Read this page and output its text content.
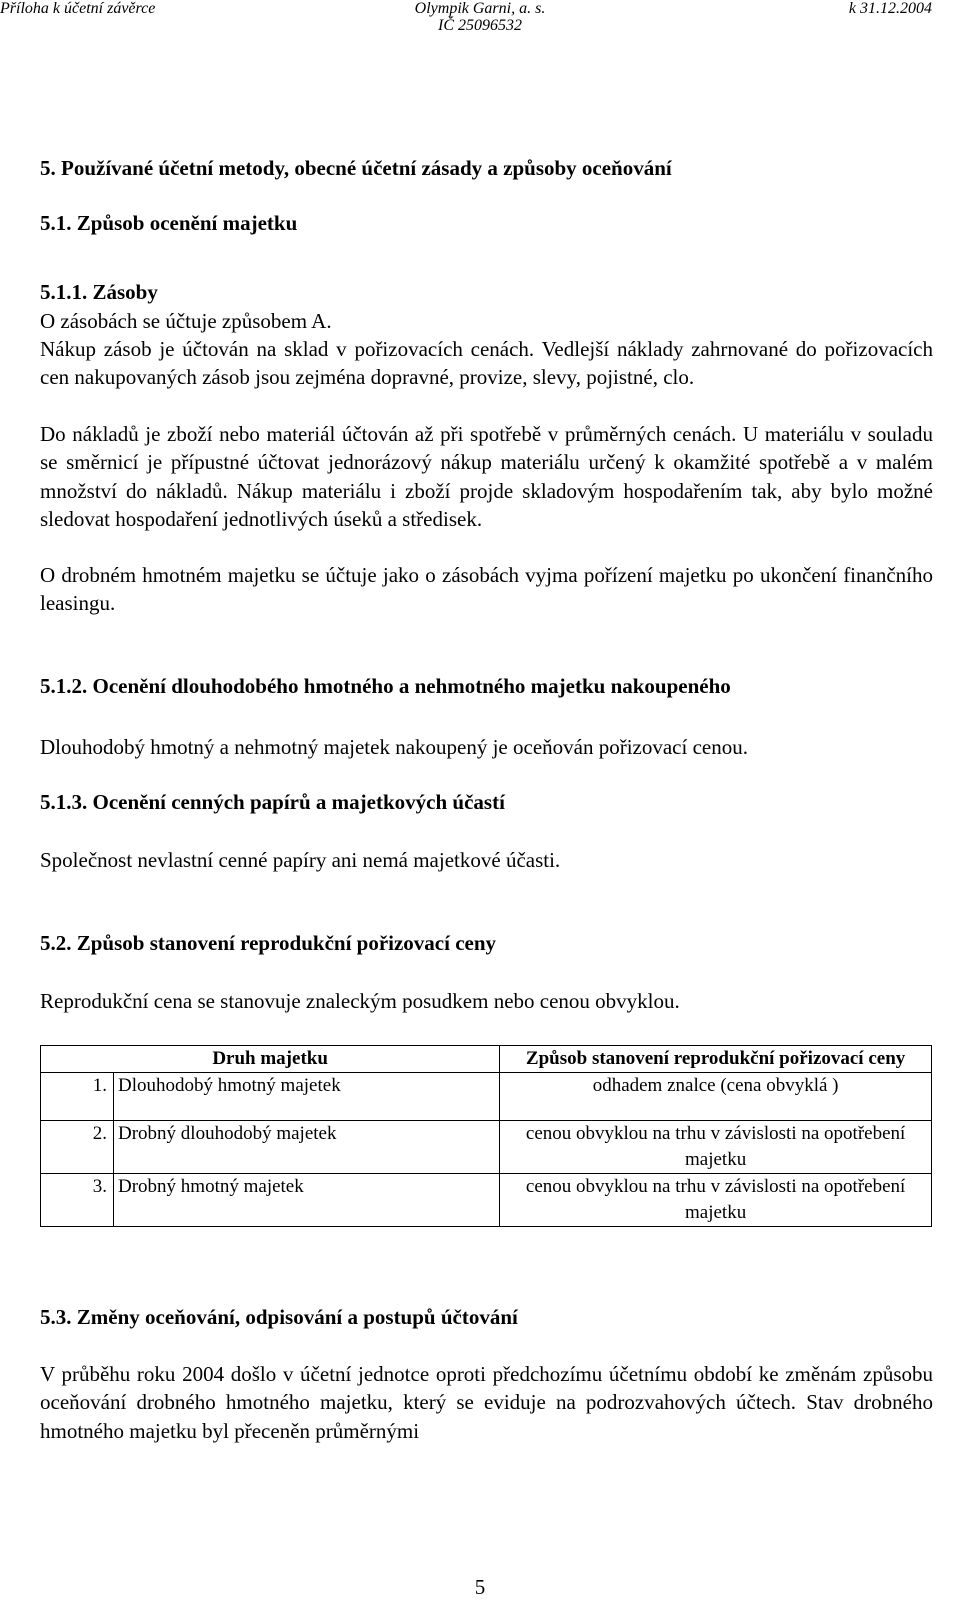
Příloha k účetní závěrce	Olympik Garni, a. s.
IČ 25096532
k 31.12.2004
5. Používané účetní metody, obecné účetní zásady a způsoby oceňování
5.1. Způsob ocenění majetku
5.1.1. Zásoby
O zásobách se účtuje způsobem A.
Nákup zásob je účtován na sklad v pořizovacích cenách. Vedlejší náklady zahrnované do pořizovacích cen nakupovaných zásob jsou zejména dopravné, provize, slevy, pojistné, clo.
Do nákladů je zboží nebo materiál účtován až při spotřebě v průměrných cenách. U materiálu v souladu se směrnicí je přípustné účtovat jednorázový nákup materiálu určený k okamžité spotřebě a v malém množství do nákladů. Nákup materiálu i zboží projde skladovým hospodařením tak, aby bylo možné sledovat hospodaření jednotlivých úseků a středisek.
O drobném hmotném majetku se účtuje jako o zásobách vyjma pořízení majetku po ukončení finančního leasingu.
5.1.2. Ocenění dlouhodobého hmotného a nehmotného majetku nakoupeného
Dlouhodobý hmotný a nehmotný majetek nakoupený je oceňován pořizovací cenou.
5.1.3. Ocenění cenných papírů a majetkových účastí
Společnost nevlastní cenné papíry ani nemá majetkové účasti.
5.2. Způsob stanovení reprodukční pořizovací ceny
Reprodukční cena se stanovuje znaleckým posudkem nebo cenou obvyklou.
Druh majetku		Způsob stanovení reprodukční pořizovací ceny
1.	Dlouhodobý hmotný majetek	odhadem znalce (cena obvyklá )
2.	Drobný dlouhodobý majetek	cenou obvyklou na trhu v závislosti na opotřebení majetku
3.	Drobný hmotný majetek	cenou obvyklou na trhu v závislosti na opotřebení majetku
5.3. Změny oceňování, odpisování a postupů účtování
V průběhu roku 2004 došlo v účetní jednotce oproti předchozímu účetnímu období ke změnám způsobu oceňování drobného hmotného majetku, který se eviduje na podrozvahových účtech. Stav drobného hmotného majetku byl přeceněn průměrnými
5
